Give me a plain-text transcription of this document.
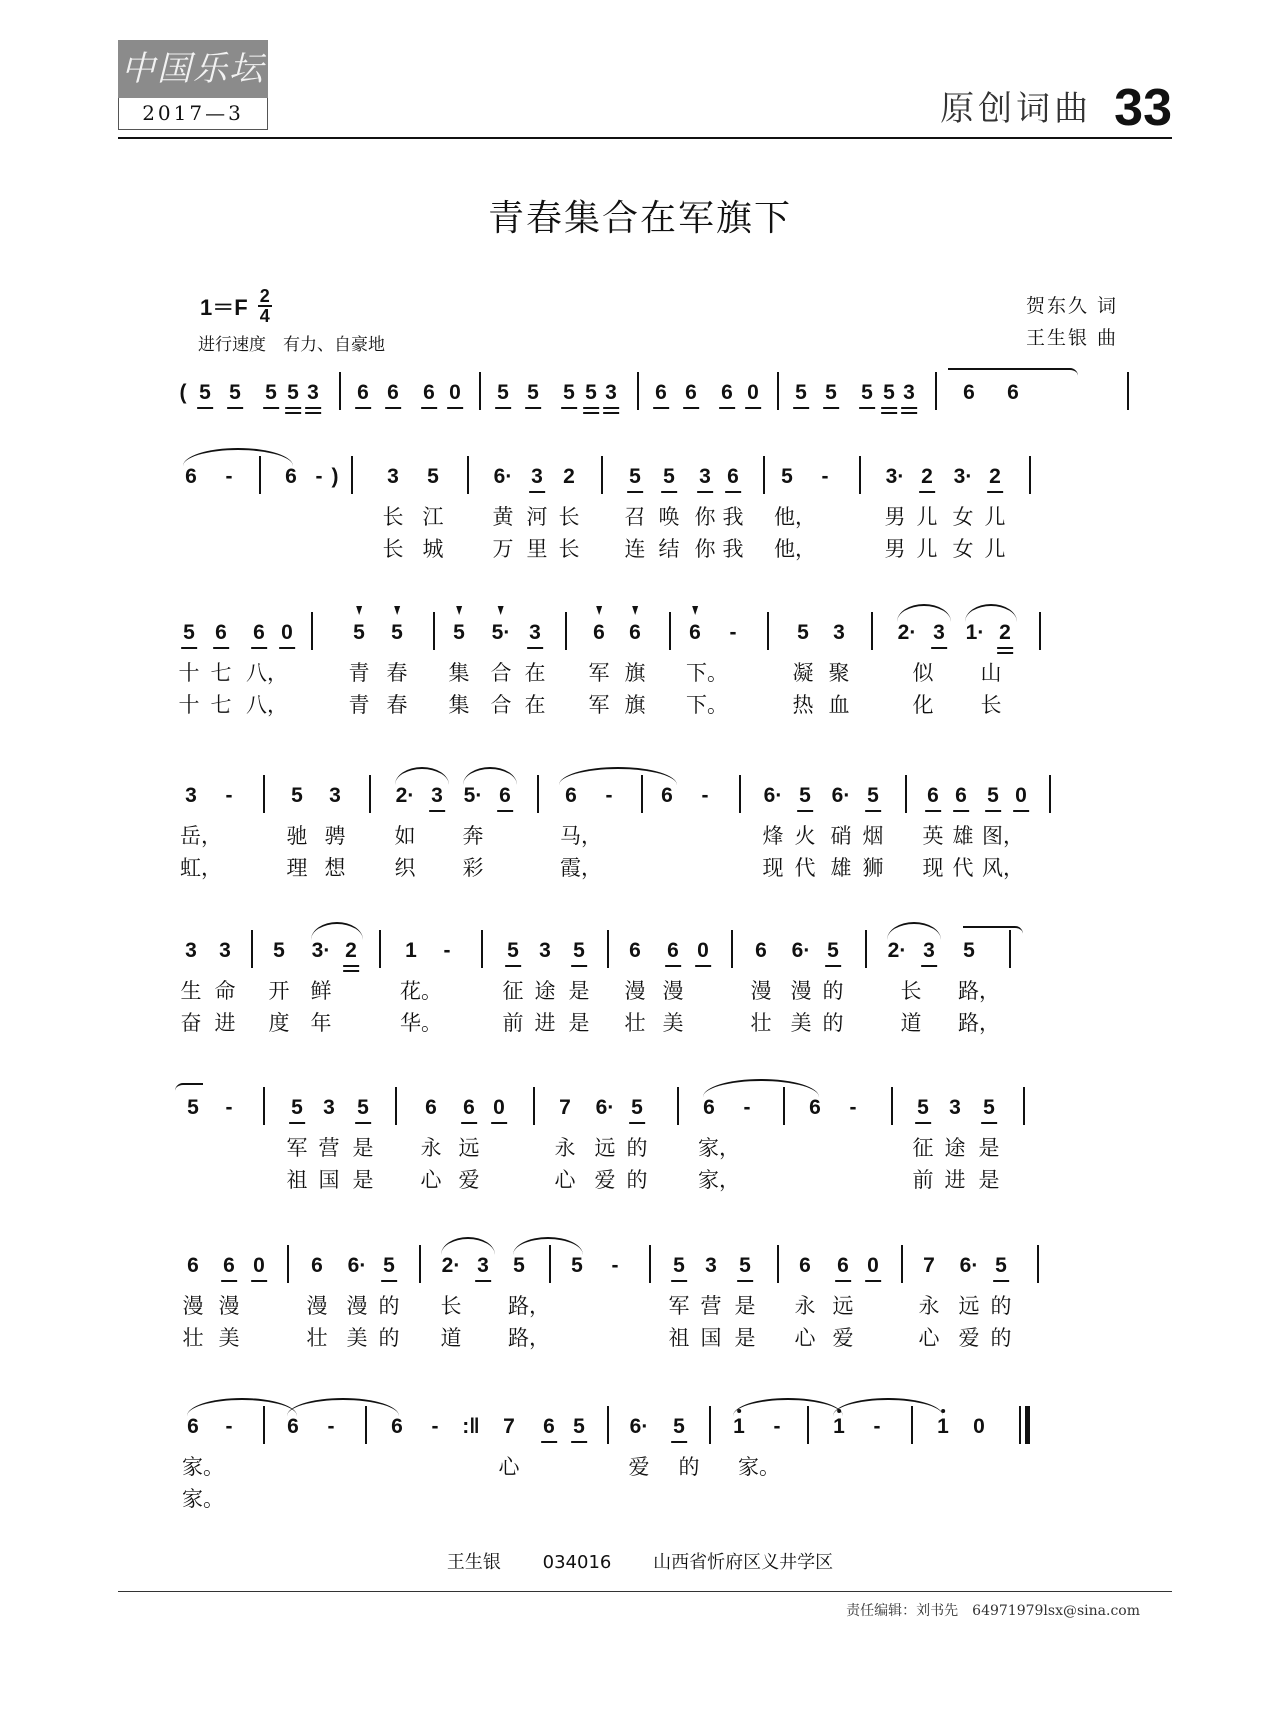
中国乐坛
2017—3	原创词曲 33
青春集合在军旗下
1＝F 2
4
进行速度　有力、自豪地
贺东久 词
王生银 曲
( 5 5 5 5 3 6 6 6 0 5 5 5 5 3 6 6 6 0 5 5 5 5 3 6 6
6 -	6 - ) 3 5	6· 3 2	5 5 3 6 5 -	3· 2 3· 2
长 江 黄 河 长 召 唤 你 我 他，	男 儿 女 儿
长 城 万 里 长 连 结 你 我 他，	男 儿 女 儿
5 6 6 0	5 5 5 5· 3 6 6 6 -	5 3	2· 3 1· 2
十 七 八，	青 春 集 合 在 军 旗 下。	凝 聚	似 山
十 七 八，	青 春 集 合 在 军 旗 下。	热 血	化 长
3 -	5 3	2· 3 5· 6	6 - 6 -	6· 5 6· 5 6 6 5 0
岳，	驰 骋 如 奔	马，	烽 火 硝 烟 英 雄 图，
虹，	理 想 织 彩	霞，	现 代 雄 狮 现 代 风，
3 3 5 3· 2 1 -	5 3 5 6 6 0 6 6· 5 2· 3 5
生 命 开 鲜	花。	征 途 是 漫 漫	漫 漫 的	长 路，
奋 进 度 年	华。	前 进 是 壮 美	壮 美 的	道 路，
5 -	5 3 5	6 6 0	7 6· 5	6 -	6 -	5 3 5
军 营 是 永 远	永 远 的 家，	征 途 是
祖 国 是 心 爱	心 爱 的 家，	前 进 是
6 6 0 6 6· 5 2· 3 5 5 -	5 3 5 6 6 0 7 6· 5
漫 漫	漫 漫 的 长 路，	军 营 是 永 远	永 远 的
壮 美	壮 美 的 道 路，	祖 国 是 心 爱	心 爱 的
6 -	6 -	6 - :‖ 7 6 5 6· 5 1 -	1 -	1 0
家。	心	爱 的 家。
家。
王生银 034016 山西省忻府区义井学区
责任编辑：刘书先　64971979lsx@sina.com
